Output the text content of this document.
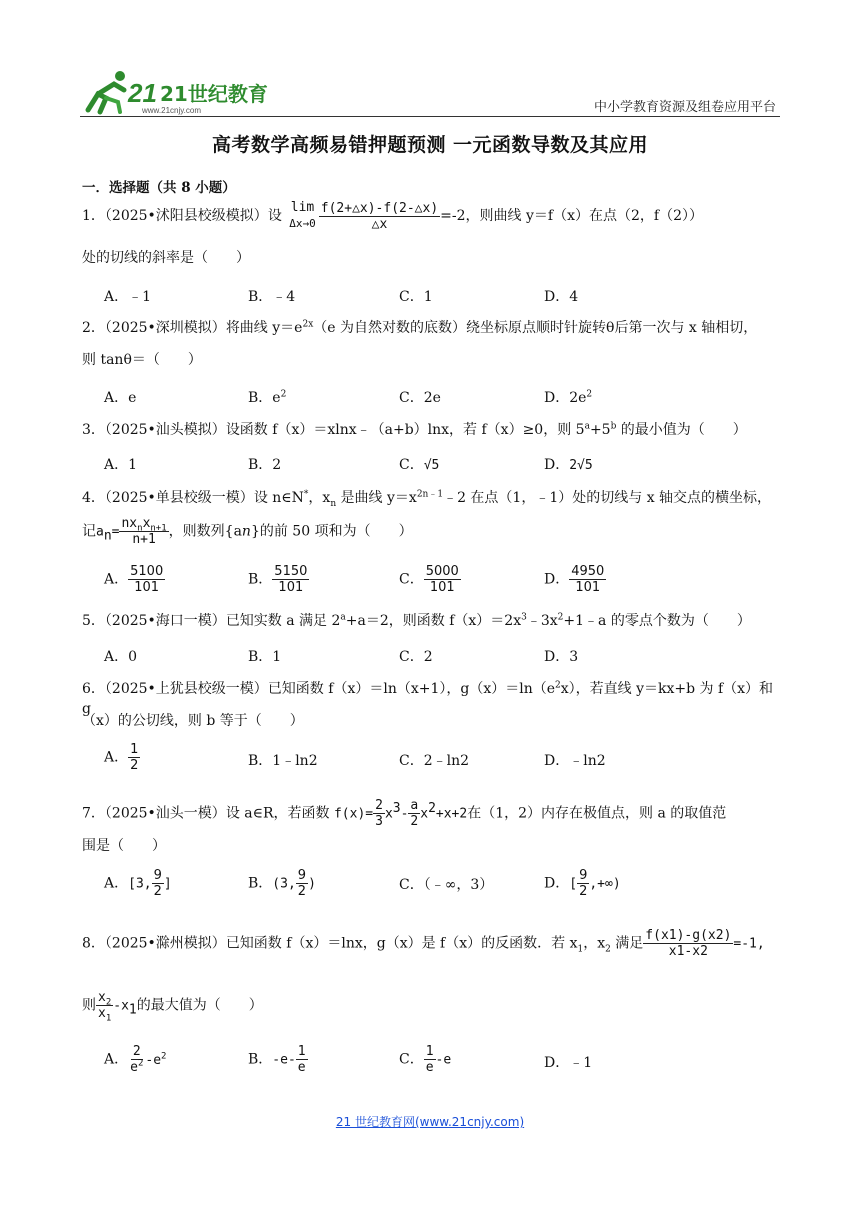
21 21世纪教育
www.21cnjy.com	中小学教育资源及组卷应用平台
高考数学高频易错押题预测 一元函数导数及其应用
一．选择题（共 8 小题）
1．（2025•沭阳县校级模拟）设
lim
$\Delta x\to 0 \frac{f(2+\triangle x)-f(2-\triangle x)}{\triangle x} =-2$，则曲线 y＝f（x）在点（2，f（2））
处的切线的斜率是（　　）
A．﹣1	B．﹣4	C．1	D．4
2．（2025•深圳模拟）将曲线 $y=e^{2x}(e$ 为自然对数的底数）绕坐标原点顺时针旋转θ后第一次与 x 轴相切，
则 tanθ＝（　　）
A．e	B．$e^2$	C．2e	D．$2e^2$
3．（2025•汕头模拟）设函数 f（x）＝xlnx﹣（a+b）lnx，若 f（x）≥0，则 $5^a+5^b$ 的最小值为（　　）
A．1	B．2	C．√5	D．2√5
4．（2025•单县校级一模）设 n∈N*，$x_n$ 是曲线 $y=x^{2n﹣1}﹣2$ 在点（1，﹣1）处的切线与 x 轴交点的横坐标，
记$a_n= \frac{nx_nx_{n+1}}{n+1}$ ，则数列{an}的前 50 项和为（　　）
A． $\frac{5100}{101}$	B． $\frac{5150}{101}$	C． $\frac{5000}{101}$	D． $\frac{4950}{101}$
5．（2025•海口一模）已知实数 a 满足 $2^a+a=2$，则函数 $f(x)=2x^3﹣3x^2+1﹣a$ 的零点个数为（　　）
A．0	B．1	C．2	D．3
6．（2025•上犹县校级一模）已知函数 f（x）＝ln（x+1），$g(x)=\ln(e^2x)$，若直线 y＝kx+b 为 f（x）和 g
（x）的公切线，则 b 等于（　　）
A． $\frac{1}{2}$	B．1﹣ln2	C．2﹣ln2	D．﹣ln2
7．（2025•汕头一模）设 a∈R，若函数 $f(x)= \frac{2}{3} x^3- \frac{a}{2} x^2+x+2$在（1，2）内存在极值点，则 a 的取值范
围是（　　）
A．[3, $\frac{9}{2}$ ]	B．(3, $\frac{9}{2}$ )	C．（﹣∞，3）	D．[ $\frac{9}{2}$ ,+∞)
8．（2025•滁州模拟）已知函数 f（x）＝lnx，g（x）是 f（x）的反函数．若 $x_1$，$x_2$ 满足 $\frac{f(x1)-g(x2)}{x1-x2} =-1$,
则 $\frac{x_2}{x_1} -x_1$的最大值为（　　）
A． $\frac{2}{e^2} -e^2$	B．$-e- \frac{1}{e}$	C． $\frac{1}{e} -e$	D．﹣1
21 世纪教育网(www.21cnjy.com)
